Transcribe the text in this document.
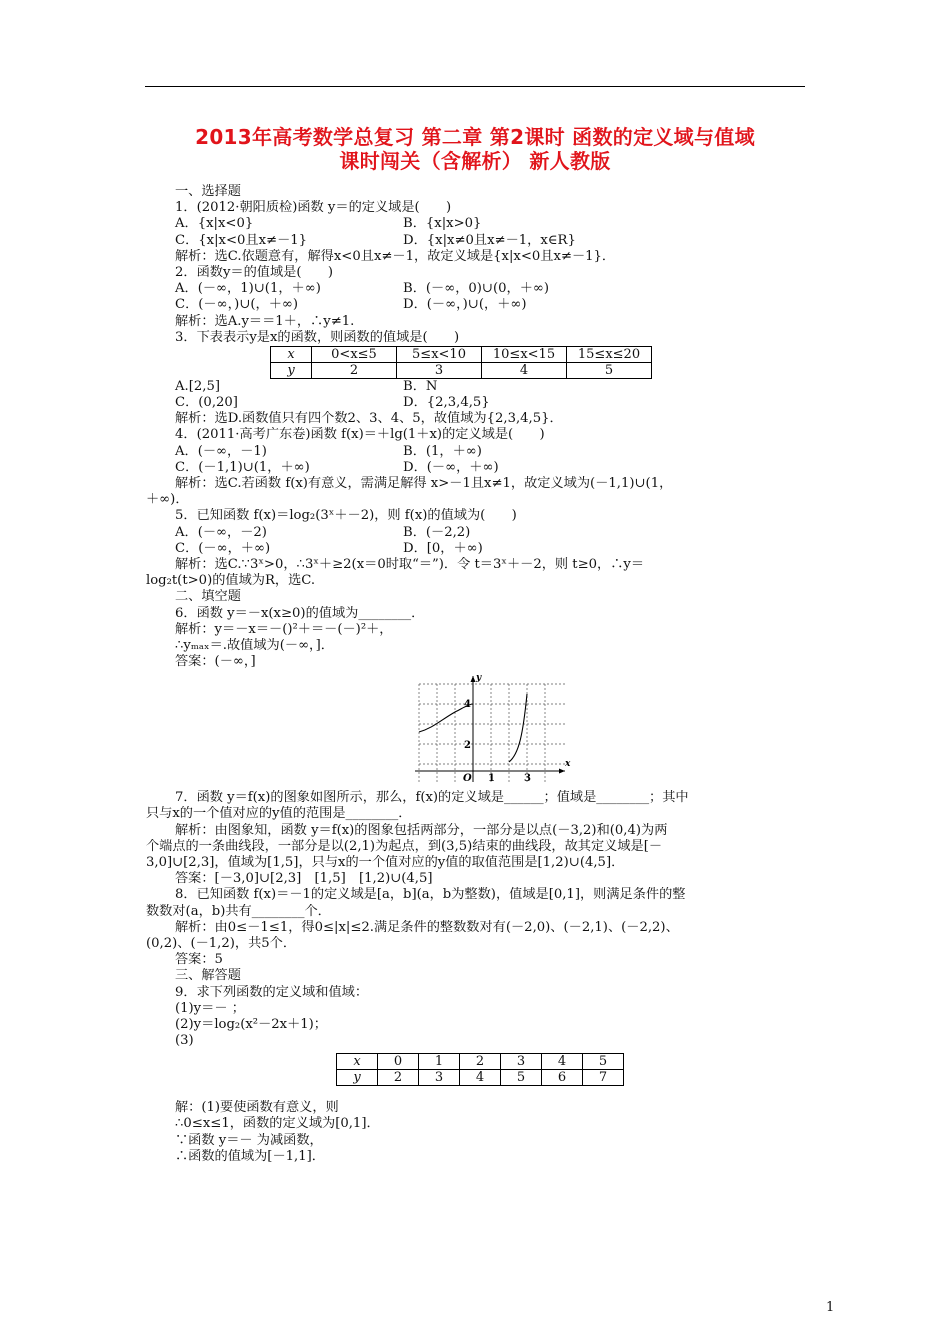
2013年高考数学总复习 第二章 第2课时 函数的定义域与值域
课时闯关（含解析） 新人教版
一、选择题
1．(2012·朝阳质检)函数 y＝的定义域是(　　)
A．{x|x<0}	B．{x|x>0}
C．{x|x<0且x≠－1}	D．{x|x≠0且x≠－1，x∈R}
解析：选C.依题意有，解得x<0且x≠－1，故定义域是{x|x<0且x≠－1}．
2．函数y＝的值域是(　　)
A．(－∞，1)∪(1，＋∞)	B．(－∞，0)∪(0，＋∞)
C．(－∞，)∪(，＋∞)	D．(－∞，)∪(，＋∞)
解析：选A.y＝＝1＋，∴y≠1.
3．下表表示y是x的函数，则函数的值域是(　　)
x	0<x≤5	5≤x<10	10≤x<15	15≤x≤20
y	2	3	4	5
A.[2,5]	B．N
C．(0,20]	D．{2,3,4,5}
解析：选D.函数值只有四个数2、3、4、5，故值域为{2,3,4,5}．
4．(2011·高考广东卷)函数 f(x)＝＋lg(1＋x)的定义域是(　　)
A．(－∞，－1)	B．(1，＋∞)
C．(－1,1)∪(1，＋∞)	D．(－∞，＋∞)
解析：选C.若函数 f(x)有意义，需满足解得 x>－1且x≠1，故定义域为(－1,1)∪(1，
＋∞)．
5．已知函数 f(x)＝log₂(3ˣ＋－2)，则 f(x)的值域为(　　)
A．(－∞，－2)	B．(－2,2)
C．(－∞，＋∞)	D．[0，＋∞)
解析：选C.∵3ˣ>0，∴3ˣ＋≥2(x＝0时取“＝”)．令 t＝3ˣ＋－2，则 t≥0，∴y＝
log₂t(t>0)的值域为R，选C.
二、填空题
6．函数 y＝－x(x≥0)的值域为________．
解析：y＝－x＝－()²＋＝－(－)²＋，
∴yₘₐₓ＝.故值域为(－∞，]．
答案：(－∞，]
x
y
O 1	3
2
4
7．函数 y＝f(x)的图象如图所示，那么，f(x)的定义域是______；值域是________；其中
只与x的一个值对应的y值的范围是________．
解析：由图象知，函数 y＝f(x)的图象包括两部分，一部分是以点(－3,2)和(0,4)为两
个端点的一条曲线段，一部分是以(2,1)为起点，到(3,5)结束的曲线段，故其定义域是[－
3,0]∪[2,3]，值域为[1,5]，只与x的一个值对应的y值的取值范围是[1,2)∪(4,5]．
答案：[－3,0]∪[2,3]　[1,5]　[1,2)∪(4,5]
8．已知函数 f(x)＝－1的定义域是[a，b](a，b为整数)，值域是[0,1]，则满足条件的整
数数对(a，b)共有________个．
解析：由0≤－1≤1，得0≤|x|≤2.满足条件的整数数对有(－2,0)、(－2,1)、(－2,2)、
(0,2)、(－1,2)，共5个．
答案：5
三、解答题
9．求下列函数的定义域和值域：
(1)y＝－ ；
(2)y＝log₂(x²－2x＋1)；
(3)
x	0	1	2	3	4	5
y	2	3	4	5	6	7
解：(1)要使函数有意义，则
∴0≤x≤1，函数的定义域为[0,1]．
∵函数 y＝－ 为减函数，
∴函数的值域为[－1,1]．
1
